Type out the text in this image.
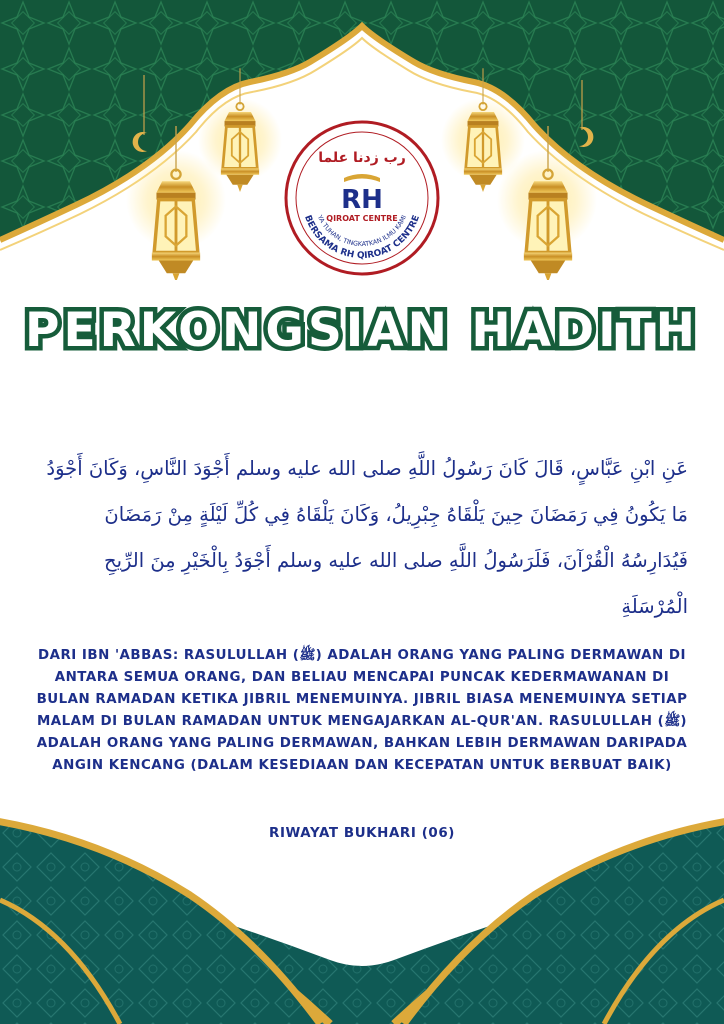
رب زدنا علما
RH
QIROAT CENTRE
YA TUHAN, TINGKATKAN ILMU KAMI
BERSAMA RH QIROAT CENTRE
PERKONGSIAN HADITH

عَنِ ابْنِ عَبَّاسٍ، قَالَ كَانَ رَسُولُ اللَّهِ صلى الله عليه وسلم أَجْوَدَ النَّاسِ، وَكَانَ أَجْوَدُ مَا يَكُونُ فِي رَمَضَانَ حِينَ يَلْقَاهُ جِبْرِيلُ، وَكَانَ يَلْقَاهُ فِي كُلِّ لَيْلَةٍ مِنْ رَمَضَانَ فَيُدَارِسُهُ الْقُرْآنَ، فَلَرَسُولُ اللَّهِ صلى الله عليه وسلم أَجْوَدُ بِالْخَيْرِ مِنَ الرِّيحِ الْمُرْسَلَةِ

DARI IBN 'ABBAS: RASULULLAH (ﷺ) ADALAH ORANG YANG PALING DERMAWAN DI ANTARA SEMUA ORANG, DAN BELIAU MENCAPAI PUNCAK KEDERMAWANAN DI BULAN RAMADAN KETIKA JIBRIL MENEMUINYA. JIBRIL BIASA MENEMUINYA SETIAP MALAM DI BULAN RAMADAN UNTUK MENGAJARKAN AL-QUR'AN. RASULULLAH (ﷺ) ADALAH ORANG YANG PALING DERMAWAN, BAHKAN LEBIH DERMAWAN DARIPADA ANGIN KENCANG (DALAM KESEDIAAN DAN KECEPATAN UNTUK BERBUAT BAIK)

RIWAYAT BUKHARI (06)
